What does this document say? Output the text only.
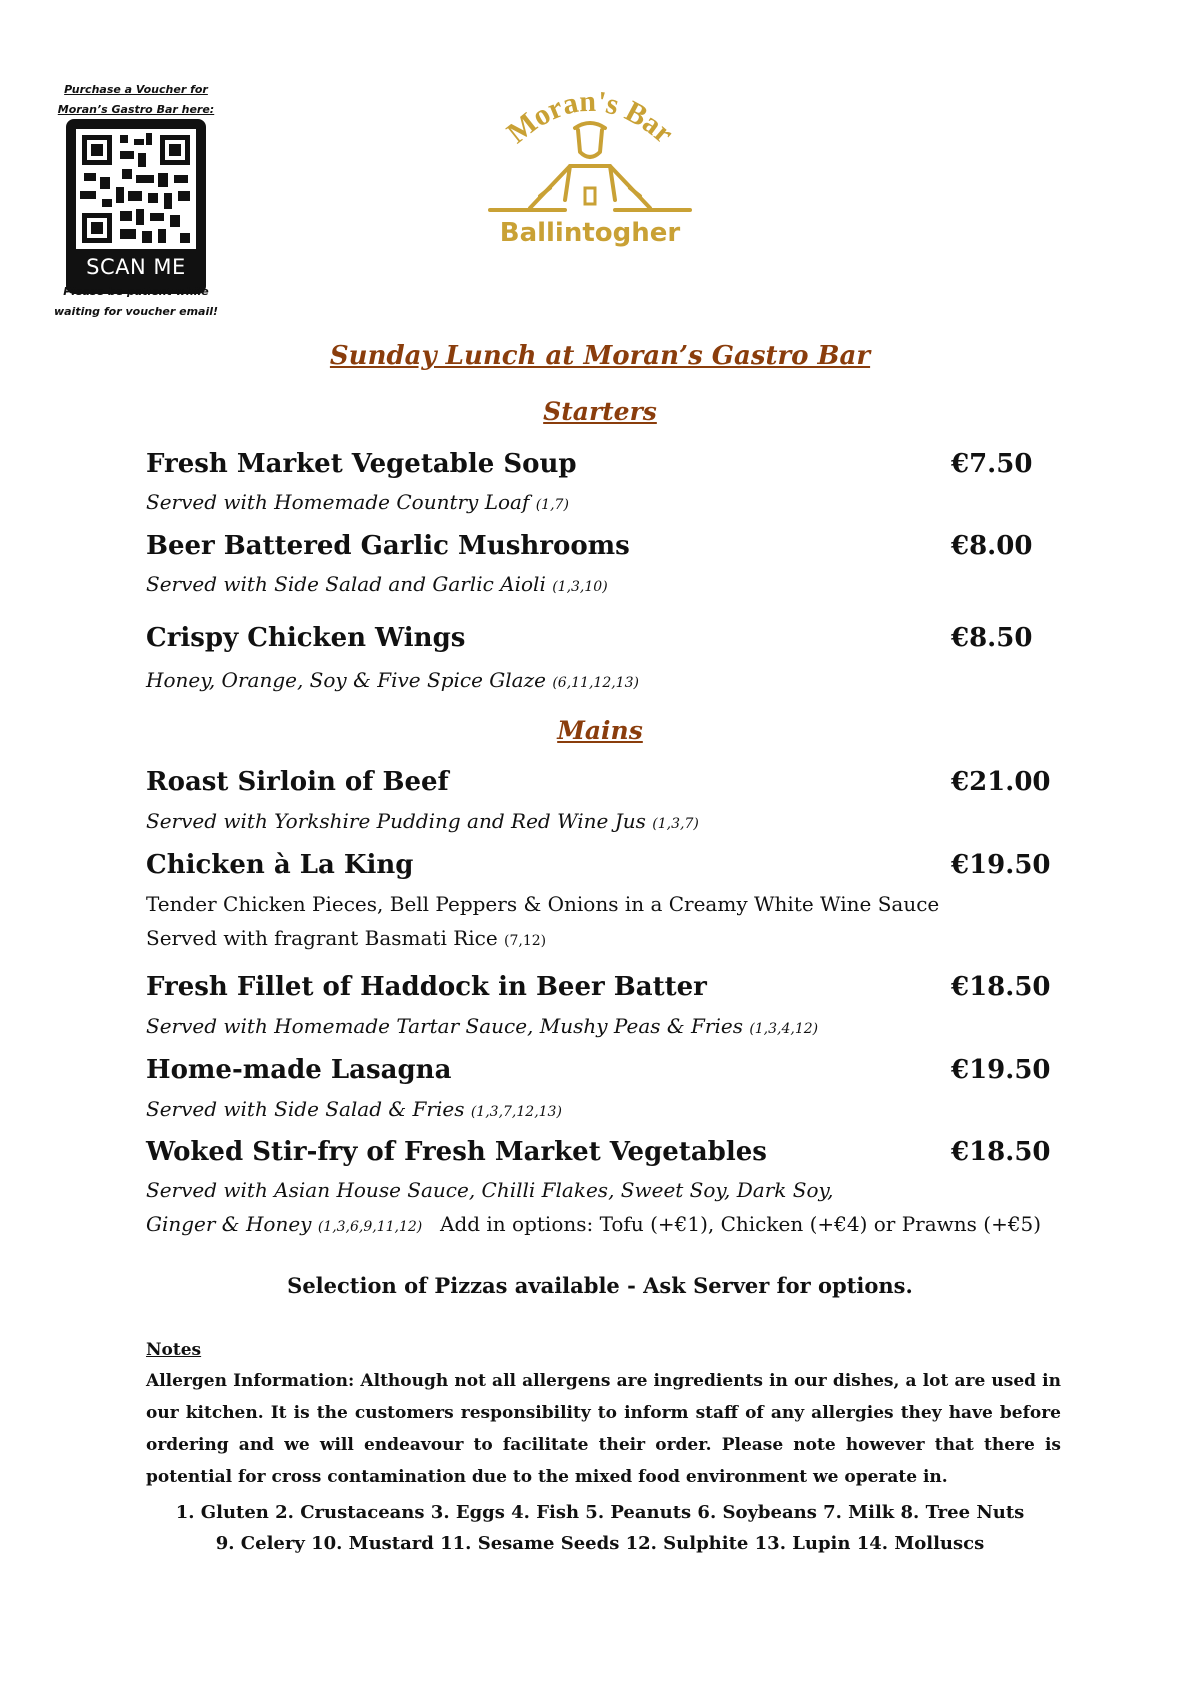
Purchase a Voucher for
Moran’s Gastro Bar here:
SCAN ME
Please be patient while
waiting for voucher email!
Moran's Bar
Ballintogher
Sunday Lunch at Moran’s Gastro Bar
Starters
Fresh Market Vegetable Soup	€7.50
Served with Homemade Country Loaf (1,7)
Beer Battered Garlic Mushrooms	€8.00
Served with Side Salad and Garlic Aioli (1,3,10)
Crispy Chicken Wings	€8.50
Honey, Orange, Soy & Five Spice Glaze (6,11,12,13)
Mains
Roast Sirloin of Beef	€21.00
Served with Yorkshire Pudding and Red Wine Jus (1,3,7)
Chicken à La King	€19.50
Tender Chicken Pieces, Bell Peppers & Onions in a Creamy White Wine Sauce
Served with fragrant Basmati Rice (7,12)
Fresh Fillet of Haddock in Beer Batter	€18.50
Served with Homemade Tartar Sauce, Mushy Peas & Fries (1,3,4,12)
Home-made Lasagna	€19.50
Served with Side Salad & Fries (1,3,7,12,13)
Woked Stir-fry of Fresh Market Vegetables	€18.50
Served with Asian House Sauce, Chilli Flakes, Sweet Soy, Dark Soy,
Ginger & Honey (1,3,6,9,11,12) Add in options: Tofu (+€1), Chicken (+€4) or Prawns (+€5)
Selection of Pizzas available - Ask Server for options.
Notes
Allergen Information: Although not all allergens are ingredients in our dishes, a lot are used in our kitchen. It is the customers responsibility to inform staff of any allergies they have before ordering and we will endeavour to facilitate their order. Please note however that there is potential for cross contamination due to the mixed food environment we operate in.
1. Gluten 2. Crustaceans 3. Eggs 4. Fish 5. Peanuts 6. Soybeans 7. Milk 8. Tree Nuts
9. Celery 10. Mustard 11. Sesame Seeds 12. Sulphite 13. Lupin 14. Molluscs
